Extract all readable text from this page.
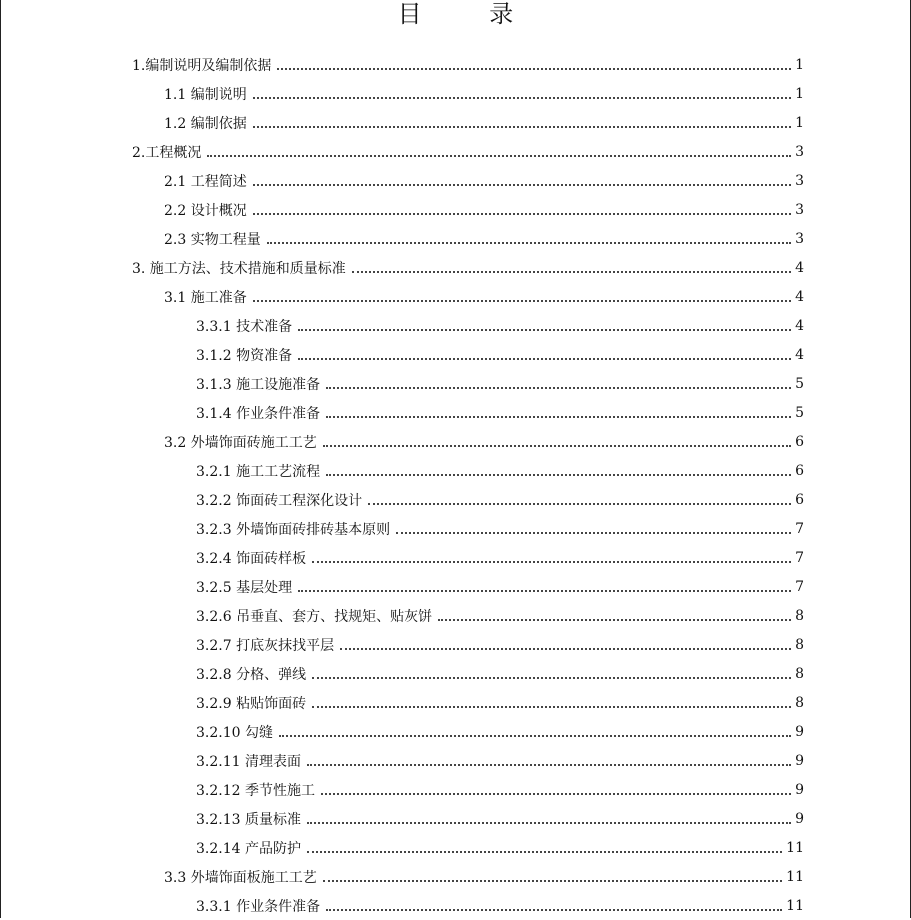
目 录
1.编制说明及编制依据	1
1.1 编制说明	1
1.2 编制依据	1
2.工程概况	3
2.1 工程简述	3
2.2 设计概况	3
2.3 实物工程量	3
3. 施工方法、技术措施和质量标准	4
3.1 施工准备	4
3.3.1 技术准备	4
3.1.2 物资准备	4
3.1.3 施工设施准备	5
3.1.4 作业条件准备	5
3.2 外墙饰面砖施工工艺	6
3.2.1 施工工艺流程	6
3.2.2 饰面砖工程深化设计	6
3.2.3 外墙饰面砖排砖基本原则	7
3.2.4 饰面砖样板	7
3.2.5 基层处理	7
3.2.6 吊垂直、套方、找规矩、贴灰饼	8
3.2.7 打底灰抹找平层	8
3.2.8 分格、弹线	8
3.2.9 粘贴饰面砖	8
3.2.10 勾缝	9
3.2.11 清理表面	9
3.2.12 季节性施工	9
3.2.13 质量标准	9
3.2.14 产品防护	11
3.3 外墙饰面板施工工艺	11
3.3.1 作业条件准备	11
